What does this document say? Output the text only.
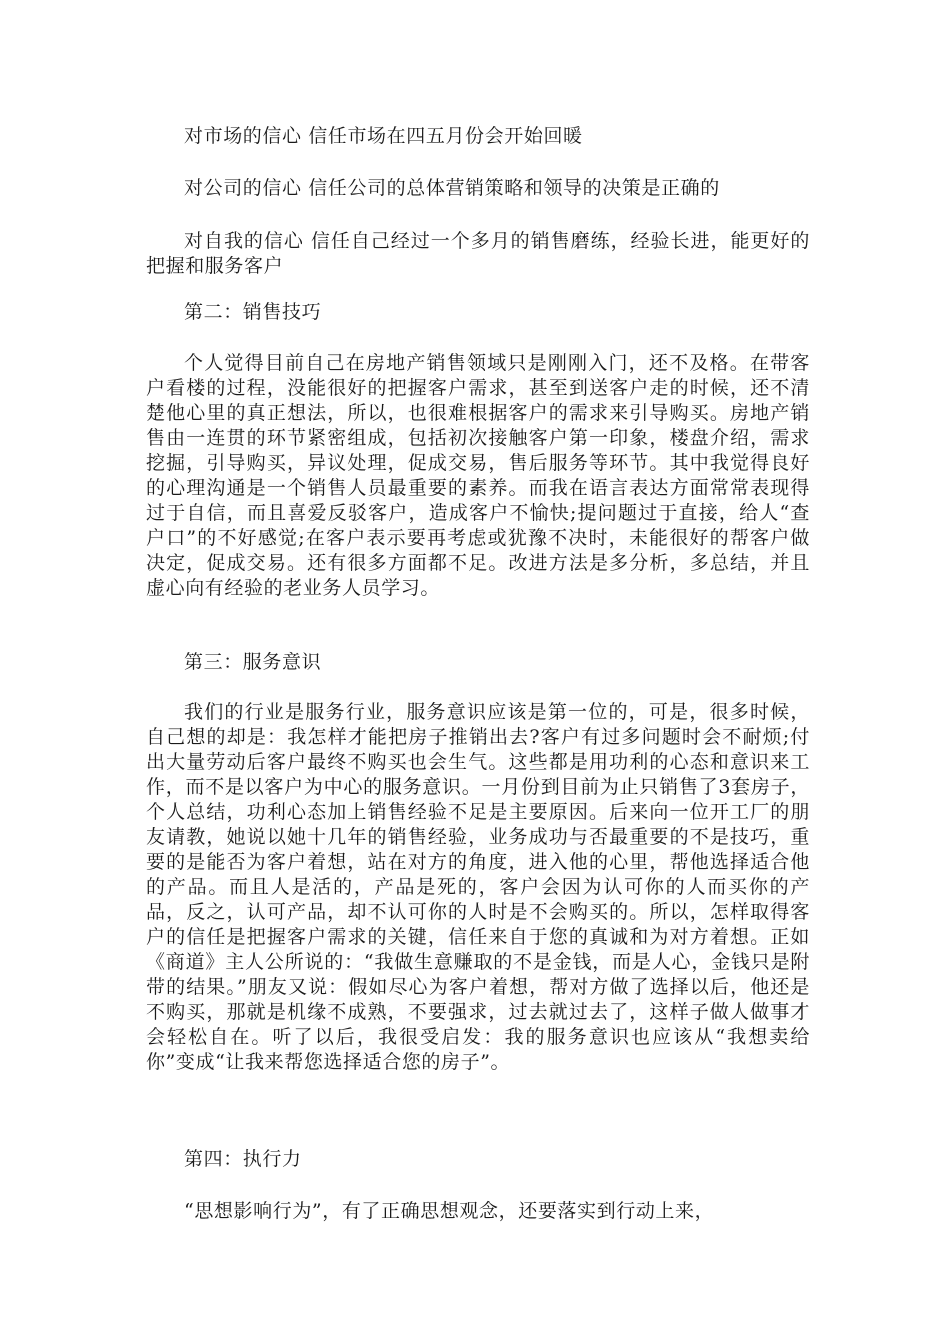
对市场的信心 信任市场在四五月份会开始回暖

对公司的信心 信任公司的总体营销策略和领导的决策是正确的

对自我的信心 信任自己经过一个多月的销售磨练，经验长进，能更好的把握和服务客户

第二：销售技巧

个人觉得目前自己在房地产销售领域只是刚刚入门，还不及格。在带客户看楼的过程，没能很好的把握客户需求，甚至到送客户走的时候，还不清楚他心里的真正想法，所以，也很难根据客户的需求来引导购买。房地产销售由一连贯的环节紧密组成，包括初次接触客户第一印象，楼盘介绍，需求挖掘，引导购买，异议处理，促成交易，售后服务等环节。其中我觉得良好的心理沟通是一个销售人员最重要的素养。而我在语言表达方面常常表现得过于自信，而且喜爱反驳客户，造成客户不愉快;提问题过于直接，给人“查户口”的不好感觉;在客户表示要再考虑或犹豫不决时，未能很好的帮客户做决定，促成交易。还有很多方面都不足。改进方法是多分析，多总结，并且虚心向有经验的老业务人员学习。

第三：服务意识

我们的行业是服务行业，服务意识应该是第一位的，可是，很多时候，自己想的却是：我怎样才能把房子推销出去?客户有过多问题时会不耐烦;付出大量劳动后客户最终不购买也会生气。这些都是用功利的心态和意识来工作，而不是以客户为中心的服务意识。一月份到目前为止只销售了3套房子，个人总结，功利心态加上销售经验不足是主要原因。后来向一位开工厂的朋友请教，她说以她十几年的销售经验，业务成功与否最重要的不是技巧，重要的是能否为客户着想，站在对方的角度，进入他的心里，帮他选择适合他的产品。而且人是活的，产品是死的，客户会因为认可你的人而买你的产品，反之，认可产品，却不认可你的人时是不会购买的。所以，怎样取得客户的信任是把握客户需求的关键，信任来自于您的真诚和为对方着想。正如《商道》主人公所说的：“我做生意赚取的不是金钱，而是人心，金钱只是附带的结果。”朋友又说：假如尽心为客户着想，帮对方做了选择以后，他还是不购买，那就是机缘不成熟，不要强求，过去就过去了，这样子做人做事才会轻松自在。听了以后，我很受启发：我的服务意识也应该从“我想卖给你”变成“让我来帮您选择适合您的房子”。

第四：执行力

“思想影响行为”，有了正确思想观念，还要落实到行动上来，
